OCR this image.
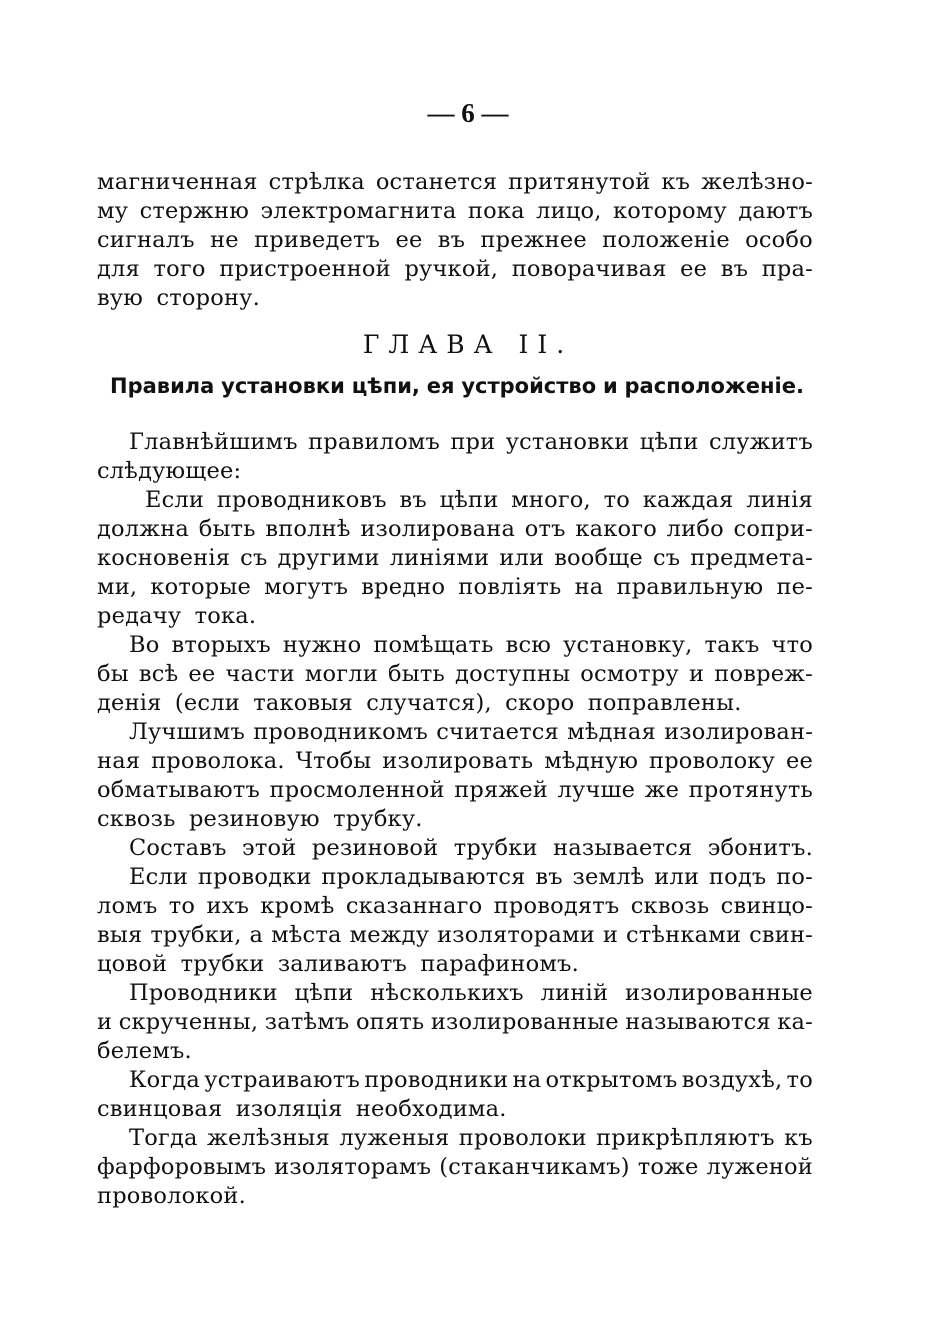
— 6 —
магниченная стрѣлка останется притянутой къ желѣзно-
му стержню электромагнита пока лицо, которому даютъ
сигналъ не приведетъ ее въ прежнее положенiе особо
для того пристроенной ручкой, поворачивая ее въ пра-
вую сторону.
ГЛАВА II.
Правила установки цѣпи, ея устройство и расположенiе.
Главнѣйшимъ правиломъ при установки цѣпи служитъ
слѣдующее:
Если проводниковъ въ цѣпи много, то каждая линiя
должна быть вполнѣ изолирована отъ какого либо сопри-
косновенiя съ другими линiями или вообще съ предмета-
ми, которые могутъ вредно повлiять на правильную пе-
редачу тока.
Во вторыхъ нужно помѣщать всю установку, такъ что
бы всѣ ее части могли быть доступны осмотру и повреж-
денiя (если таковыя случатся), скоро поправлены.
Лучшимъ проводникомъ считается мѣдная изолирован-
ная проволока. Чтобы изолировать мѣдную проволоку ее
обматываютъ просмоленной пряжей лучше же протянуть
сквозь резиновую трубку.
Составъ этой резиновой трубки называется эбонитъ.
Если проводки прокладываются въ землѣ или подъ по-
ломъ то ихъ кромѣ сказаннаго проводятъ сквозь свинцо-
выя трубки, а мѣста между изоляторами и стѣнками свин-
цовой трубки заливаютъ парафиномъ.
Проводники цѣпи нѣсколькихъ линiй изолированные
и скрученны, затѣмъ опять изолированные называются ка-
белемъ.
Когда устраиваютъ проводники на открытомъ воздухѣ, то
свинцовая изоляцiя необходима.
Тогда желѣзныя луженыя проволоки прикрѣпляютъ къ
фарфоровымъ изоляторамъ (стаканчикамъ) тоже луженой
проволокой.
